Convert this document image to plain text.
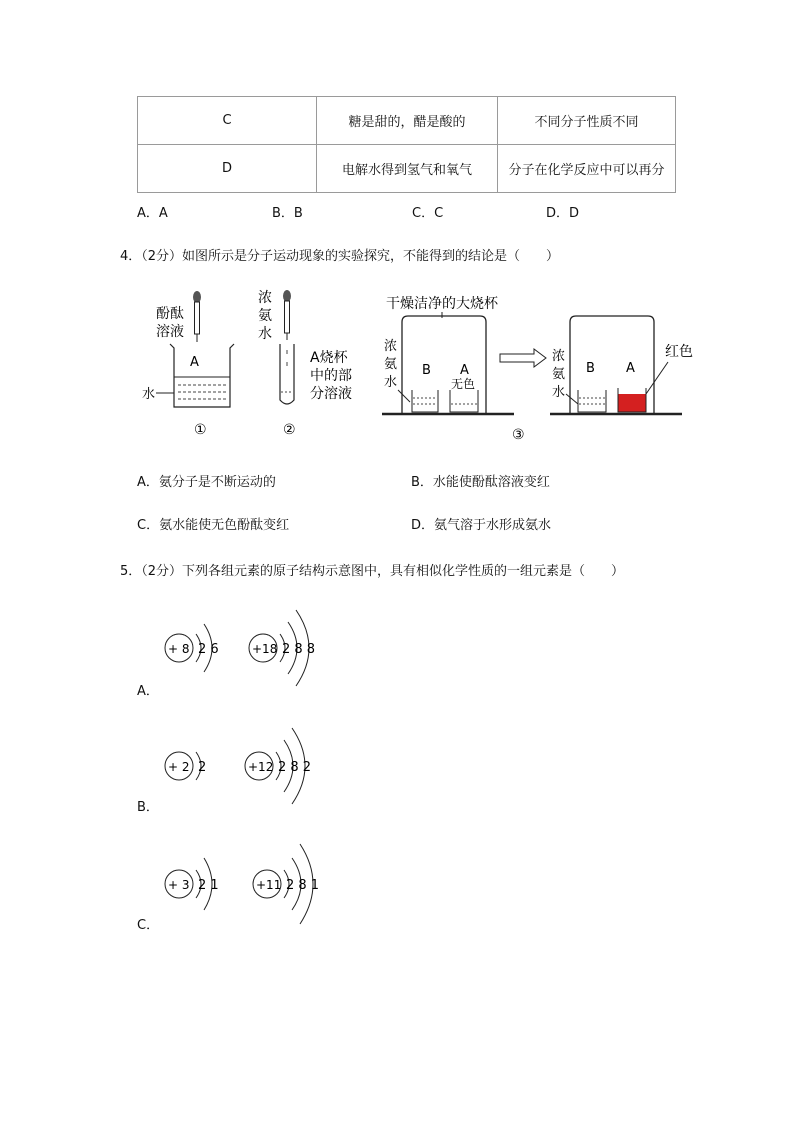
C	糖是甜的，醋是酸的	不同分子性质不同
D	电解水得到氢气和氧气	分子在化学反应中可以再分
A．A	B．B	C．C	D．D
4．（2分）如图所示是分子运动现象的实验探究，不能得到的结论是（　　）
酚酞
溶液
A
水
①
浓
氨
水
A烧杯
中的部
分溶液
②
干燥洁净的大烧杯
浓
氨
水
B A
无色
浓
氨
水
B A
红色
③
A．氨分子是不断运动的	B．水能使酚酞溶液变红
C．氨水能使无色酚酞变红	D．氨气溶于水形成氨水
5．（2分）下列各组元素的原子结构示意图中，具有相似化学性质的一组元素是（　　）
+ 8 2 6	+18 2 8 8
A．
+ 2 2	+12 2 8 2
B．
+ 3 2 1	+11 2 8 1
C．
